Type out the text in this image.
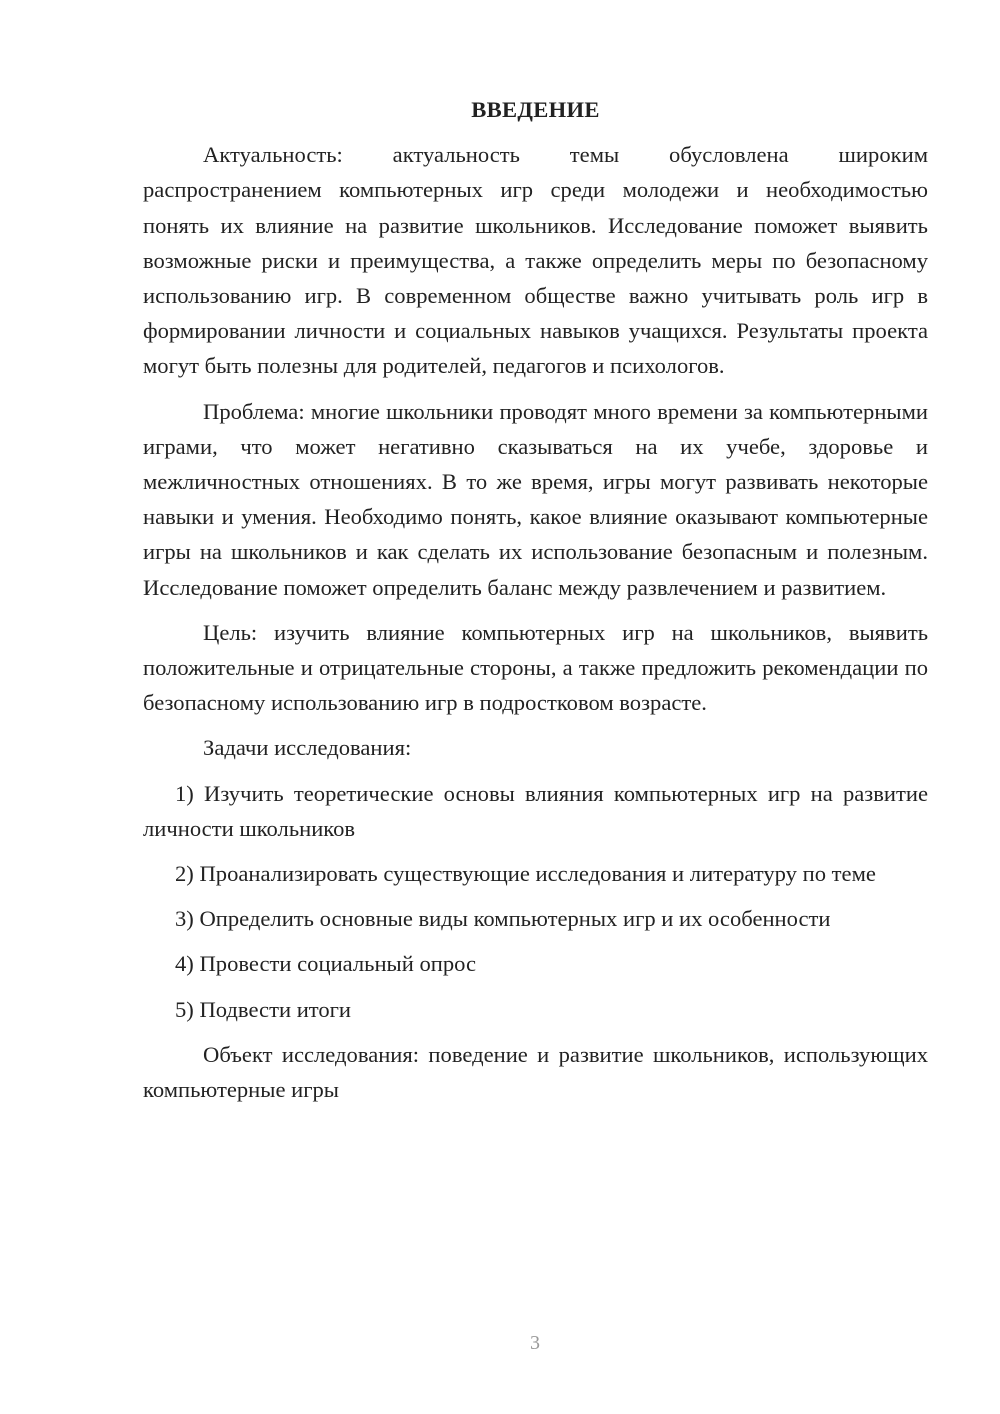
ВВЕДЕНИЕ

Актуальность: актуальность темы обусловлена широким распространением компьютерных игр среди молодежи и необходимостью понять их влияние на развитие школьников. Исследование поможет выявить возможные риски и преимущества, а также определить меры по безопасному использованию игр. В современном обществе важно учитывать роль игр в формировании личности и социальных навыков учащихся. Результаты проекта могут быть полезны для родителей, педагогов и психологов.

Проблема: многие школьники проводят много времени за компьютерными играми, что может негативно сказываться на их учебе, здоровье и межличностных отношениях. В то же время, игры могут развивать некоторые навыки и умения. Необходимо понять, какое влияние оказывают компьютерные игры на школьников и как сделать их использование безопасным и полезным. Исследование поможет определить баланс между развлечением и развитием.

Цель: изучить влияние компьютерных игр на школьников, выявить положительные и отрицательные стороны, а также предложить рекомендации по безопасному использованию игр в подростковом возрасте.

Задачи исследования:

1) Изучить теоретические основы влияния компьютерных игр на развитие личности школьников

2) Проанализировать существующие исследования и литературу по теме

3) Определить основные виды компьютерных игр и их особенности

4) Провести социальный опрос

5) Подвести итоги

Объект исследования: поведение и развитие школьников, использующих компьютерные игры

3
